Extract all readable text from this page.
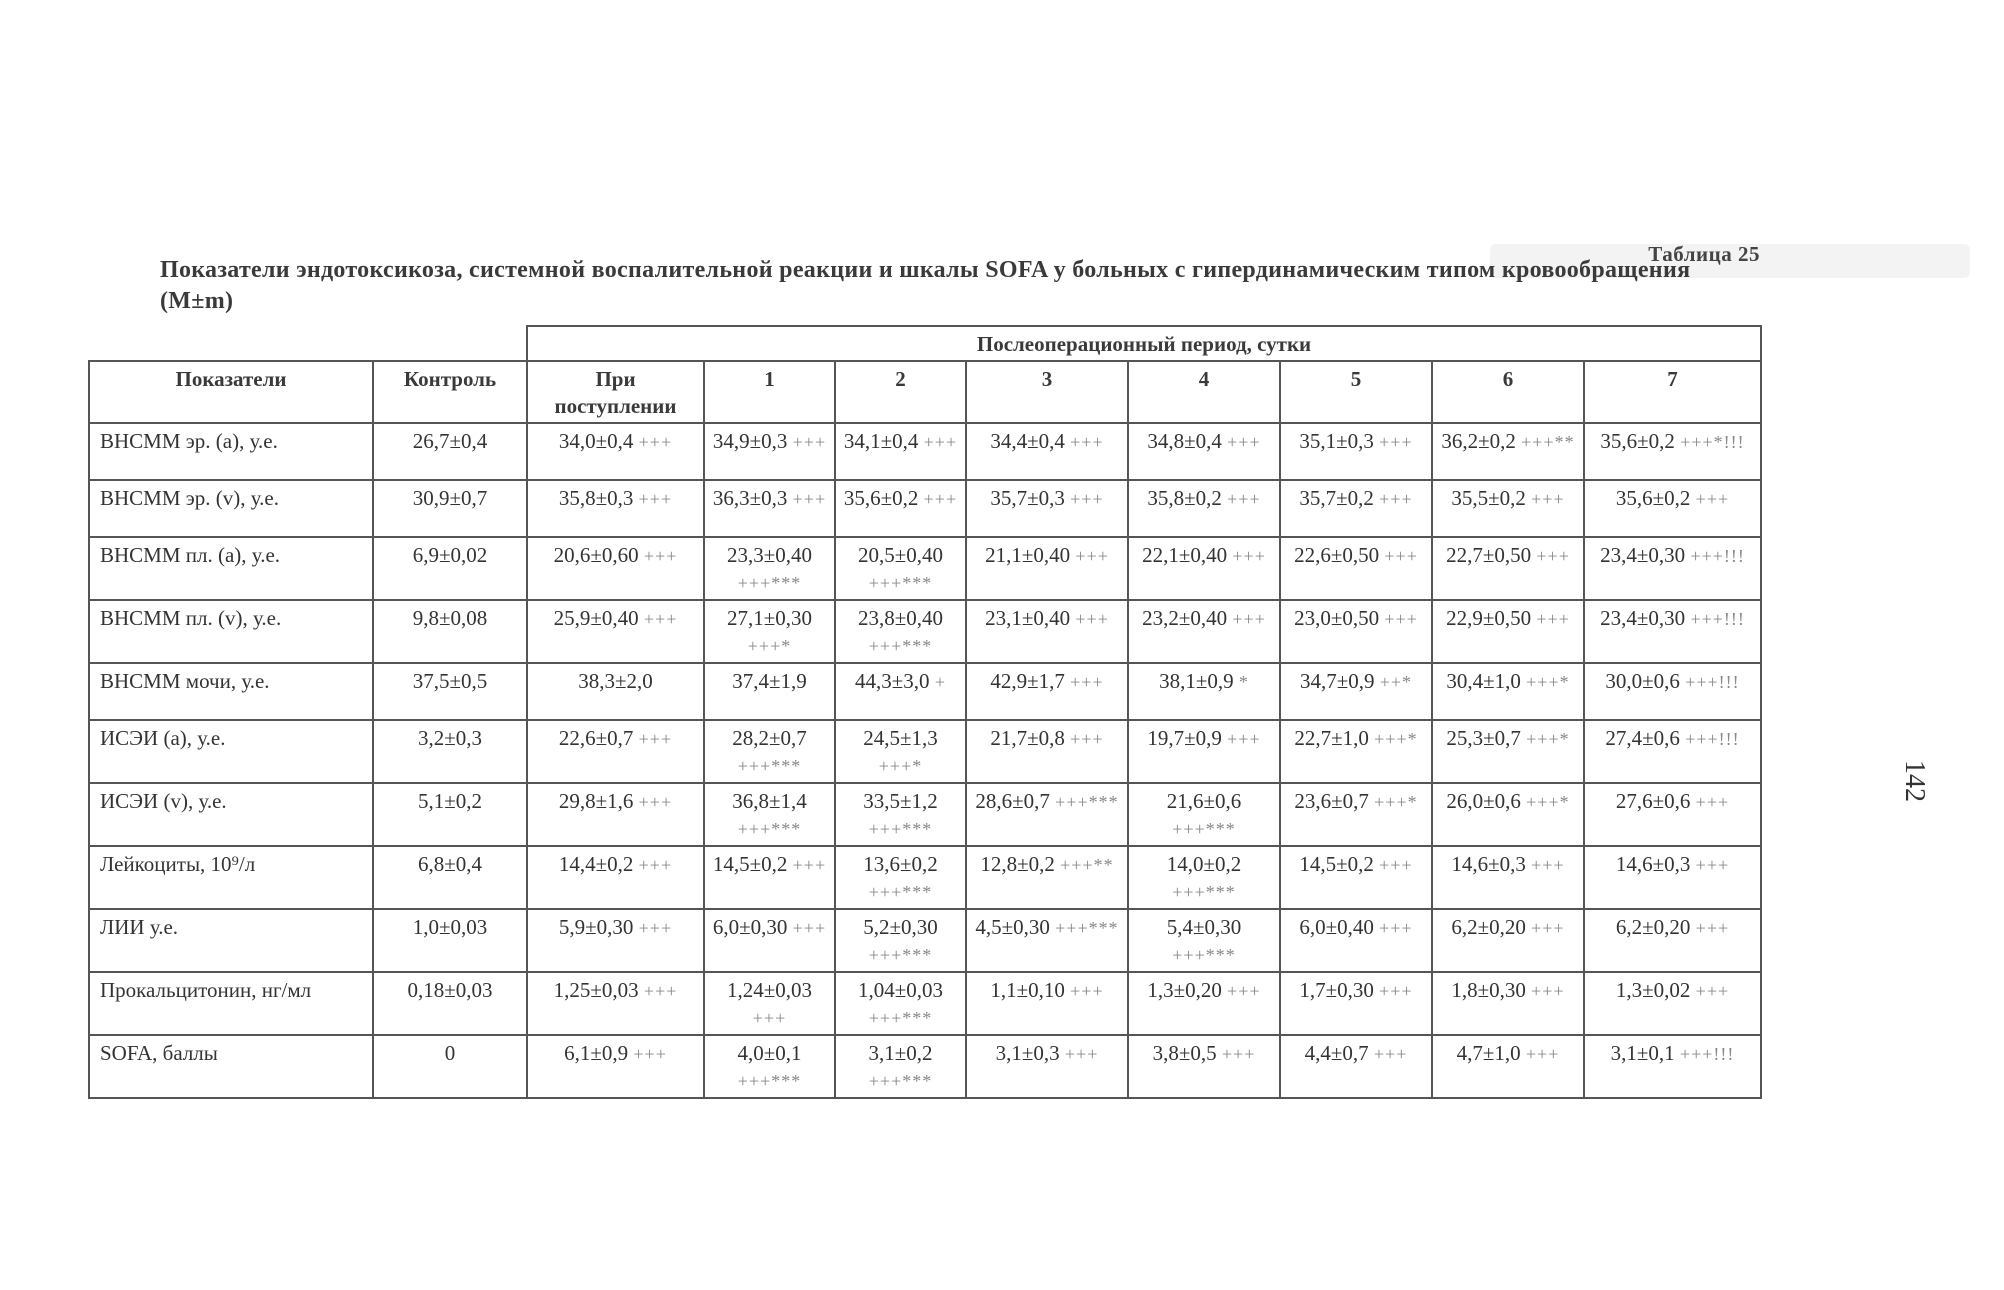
Таблица 25
Показатели эндотоксикоза, системной воспалительной реакции и шкалы SOFA у больных с гипердинамическим типом кровообращения (M±m)
		Послеоперационный период, сутки							
Показатели	Контроль	При поступлении	1	2	3	4	5	6	7
ВНСММ эр. (a), у.е.	26,7±0,4	34,0±0,4 +++	34,9±0,3 +++	34,1±0,4 +++	34,4±0,4 +++	34,8±0,4 +++	35,1±0,3 +++	36,2±0,2 +++**	35,6±0,2 +++*!!!
ВНСММ эр. (v), у.е.	30,9±0,7	35,8±0,3 +++	36,3±0,3 +++	35,6±0,2 +++	35,7±0,3 +++	35,8±0,2 +++	35,7±0,2 +++	35,5±0,2 +++	35,6±0,2 +++
ВНСММ пл. (a), у.е.	6,9±0,02	20,6±0,60 +++	23,3±0,40 +++***	20,5±0,40 +++***	21,1±0,40 +++	22,1±0,40 +++	22,6±0,50 +++	22,7±0,50 +++	23,4±0,30 +++!!!
ВНСММ пл. (v), у.е.	9,8±0,08	25,9±0,40 +++	27,1±0,30 +++*	23,8±0,40 +++***	23,1±0,40 +++	23,2±0,40 +++	23,0±0,50 +++	22,9±0,50 +++	23,4±0,30 +++!!!
ВНСММ мочи, у.е.	37,5±0,5	38,3±2,0	37,4±1,9	44,3±3,0 +	42,9±1,7 +++	38,1±0,9 *	34,7±0,9 ++*	30,4±1,0 +++*	30,0±0,6 +++!!!
ИСЭИ (a), у.е.	3,2±0,3	22,6±0,7 +++	28,2±0,7 +++***	24,5±1,3 +++*	21,7±0,8 +++	19,7±0,9 +++	22,7±1,0 +++*	25,3±0,7 +++*	27,4±0,6 +++!!!
ИСЭИ (v), у.е.	5,1±0,2	29,8±1,6 +++	36,8±1,4 +++***	33,5±1,2 +++***	28,6±0,7 +++***	21,6±0,6 +++***	23,6±0,7 +++*	26,0±0,6 +++*	27,6±0,6 +++
Лейкоциты, 10⁹/л	6,8±0,4	14,4±0,2 +++	14,5±0,2 +++	13,6±0,2 +++***	12,8±0,2 +++**	14,0±0,2 +++***	14,5±0,2 +++	14,6±0,3 +++	14,6±0,3 +++
ЛИИ у.е.	1,0±0,03	5,9±0,30 +++	6,0±0,30 +++	5,2±0,30 +++***	4,5±0,30 +++***	5,4±0,30 +++***	6,0±0,40 +++	6,2±0,20 +++	6,2±0,20 +++
Прокальцитонин, нг/мл	0,18±0,03	1,25±0,03 +++	1,24±0,03 +++	1,04±0,03 +++***	1,1±0,10 +++	1,3±0,20 +++	1,7±0,30 +++	1,8±0,30 +++	1,3±0,02 +++
SOFA, баллы	0	6,1±0,9 +++	4,0±0,1 +++***	3,1±0,2 +++***	3,1±0,3 +++	3,8±0,5 +++	4,4±0,7 +++	4,7±1,0 +++	3,1±0,1 +++!!!
142
